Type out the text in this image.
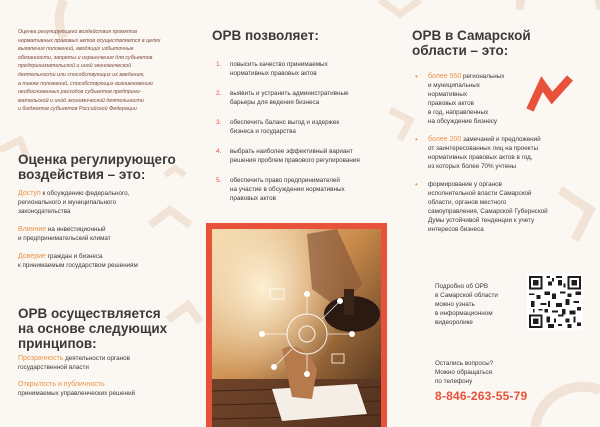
Оценка регулирующего воздействия проектов
нормативных правовых актов осуществляется в целях
выявления положений, вводящих избыточные
обязанности, запреты и ограничения для субъектов
предпринимательской и иной экономической
деятельности или способствующих их введению,
а также положений, способствующих возникновению
необоснованных расходов субъектов предприни-
мательской и иной экономической деятельности
и бюджетов субъектов Российской Федерации
Оценка регулирующего
воздействия – это:
Доступ к обсуждению федерального,
регионального и муниципального
законодательства
Влияние на инвестиционный
и предпринимательский климат
Доверие граждан и бизнеса
к принимаемым государством решениям
ОРВ осуществляется
на основе следующих
принципов:
Прозрачность деятельности органов
государственной власти
Открытость и публичность
принимаемых управленческих решений
ОРВ позволяет:
1.	повысить качество принимаемых
нормативных правовых актов
2.	выявить и устранить административные
барьеры для ведения бизнеса
3.	обеспечить баланс выгод и издержек
бизнеса и государства
4.	выбрать наиболее эффективный вариант
решения проблем правового регулирования
5.	обеспечить право предпринимателей
на участие в обсуждении нормативных
правовых актов
ОРВ в Самарской
области – это:
•	более 950 региональных
и муниципальных
нормативных
правовых актов
в год, направленных
на обсуждение бизнесу
•	более 200 замечаний и предложений
от заинтересованных лиц на проекты
нормативных правовых актов в год,
из которых более 70% учтены
•	формирование у органов
исполнительной власти Самарской
области, органов местного
самоуправления, Самарской Губернской
Думы устойчивой тенденции к учету
интересов бизнеса
Подробно об ОРВ
в Самарской области
можно узнать
в информационном
видеоролике
Остались вопросы?
Можно обращаться
по телефону
8-846-263-55-79
